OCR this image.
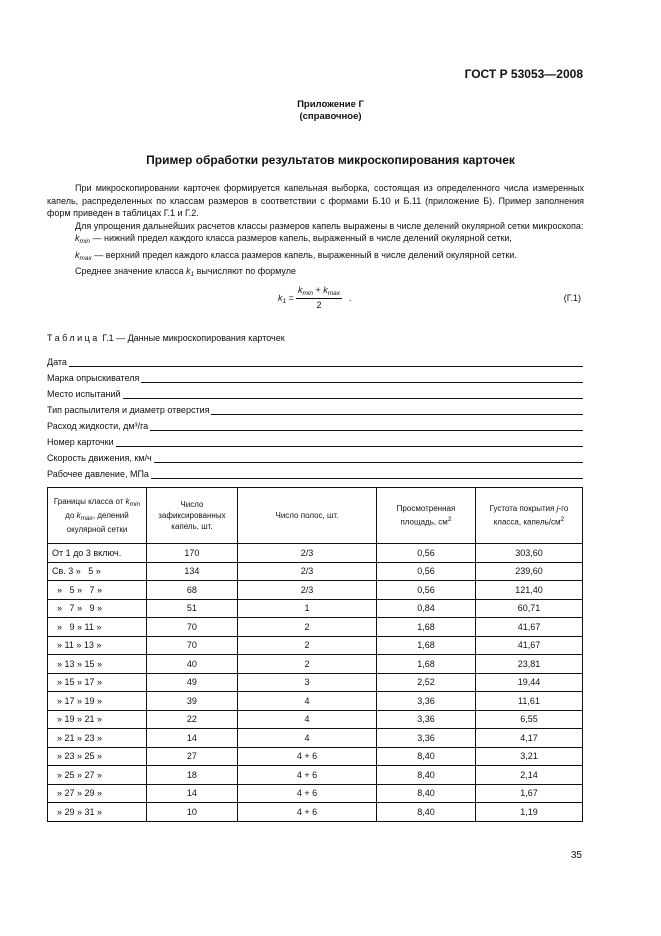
ГОСТ Р 53053—2008
Приложение Г
(справочное)
Пример обработки результатов микроскопирования карточек

При микроскопировании карточек формируется капельная выборка, состоящая из определенного числа измеренных капель, распределенных по классам размеров в соответствии с формами Б.10 и Б.11 (приложение Б). Пример заполнения форм приведен в таблицах Г.1 и Г.2.

Для упрощения дальнейших расчетов классы размеров капель выражены в числе делений окулярной сетки микроскопа:

$k_{min}$ — нижний предел каждого класса размеров капель, выраженный в числе делений окулярной сетки,
$k_{max}$ — верхний предел каждого класса размеров капель, выраженный в числе делений окулярной сетки.
Среднее значение класса $k_1$ вычисляют по формуле
$k_1$ =
$k_{min} + k_{max}$
2
.	(Г.1)
Таблица Г.1 — Данные микроскопирования карточек
Дата
Марка опрыскивателя
Место испытаний
Тип распылителя и диаметр отверстия
Расход жидкости, дм³/га
Номер карточки
Скорость движения, км/ч
Рабочее давление, МПа
Границы класса от $k_{min}$ до $k_{max}$, делений окулярной сетки	Число зафиксированных капель, шт.	Число полос, шт.	Просмотренная площадь, $см^2$	Густота покрытия j-го класса, капель/$см^2$
От 1 до 3 включ.	170	2/3	0,56	303,60
Св. 3 »   5 »	134	2/3	0,56	239,60
»   5 »   7 »	68	2/3	0,56	121,40
»   7 »   9 »	51	1	0,84	60,71
»   9 » 11 »	70	2	1,68	41,67
» 11 » 13 »	70	2	1,68	41,67
» 13 » 15 »	40	2	1,68	23,81
» 15 » 17 »	49	3	2,52	19,44
» 17 » 19 »	39	4	3,36	11,61
» 19 » 21 »	22	4	3,36	6,55
» 21 » 23 »	14	4	3,36	4,17
» 23 » 25 »	27	4 + 6	8,40	3,21
» 25 » 27 »	18	4 + 6	8,40	2,14
» 27 » 29 »	14	4 + 6	8,40	1,67
» 29 » 31 »	10	4 + 6	8,40	1,19
35
